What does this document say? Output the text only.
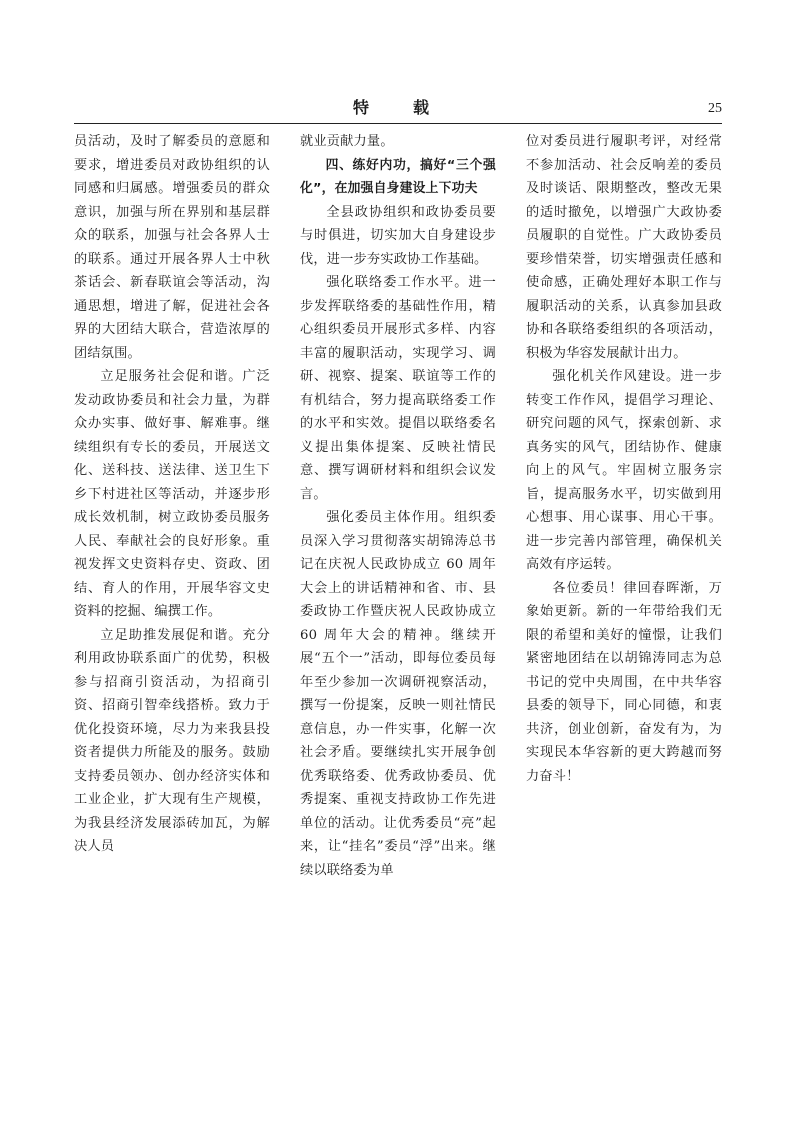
特　载	25

员活动，及时了解委员的意愿和要求，增进委员对政协组织的认同感和归属感。增强委员的群众意识，加强与所在界别和基层群众的联系，加强与社会各界人士的联系。通过开展各界人士中秋茶话会、新春联谊会等活动，沟通思想，增进了解，促进社会各界的大团结大联合，营造浓厚的团结氛围。

立足服务社会促和谐。广泛发动政协委员和社会力量，为群众办实事、做好事、解难事。继续组织有专长的委员，开展送文化、送科技、送法律、送卫生下乡下村进社区等活动，并逐步形成长效机制，树立政协委员服务人民、奉献社会的良好形象。重视发挥文史资料存史、资政、团结、育人的作用，开展华容文史资料的挖掘、编撰工作。

立足助推发展促和谐。充分利用政协联系面广的优势，积极参与招商引资活动，为招商引资、招商引智牵线搭桥。致力于优化投资环境，尽力为来我县投资者提供力所能及的服务。鼓励支持委员领办、创办经济实体和工业企业，扩大现有生产规模，为我县经济发展添砖加瓦，为解决人员

就业贡献力量。

四、练好内功，搞好“三个强化”，在加强自身建设上下功夫

全县政协组织和政协委员要与时俱进，切实加大自身建设步伐，进一步夯实政协工作基础。

强化联络委工作水平。进一步发挥联络委的基础性作用，精心组织委员开展形式多样、内容丰富的履职活动，实现学习、调研、视察、提案、联谊等工作的有机结合，努力提高联络委工作的水平和实效。提倡以联络委名义提出集体提案、反映社情民意、撰写调研材料和组织会议发言。

强化委员主体作用。组织委员深入学习贯彻落实胡锦涛总书记在庆祝人民政协成立 60 周年大会上的讲话精神和省、市、县委政协工作暨庆祝人民政协成立 60 周年大会的精神。继续开展“五个一”活动，即每位委员每年至少参加一次调研视察活动，撰写一份提案，反映一则社情民意信息，办一件实事，化解一次社会矛盾。要继续扎实开展争创优秀联络委、优秀政协委员、优秀提案、重视支持政协工作先进单位的活动。让优秀委员“亮”起来，让“挂名”委员“浮”出来。继续以联络委为单

位对委员进行履职考评，对经常不参加活动、社会反响差的委员及时谈话、限期整改，整改无果的适时撤免，以增强广大政协委员履职的自觉性。广大政协委员要珍惜荣誉，切实增强责任感和使命感，正确处理好本职工作与履职活动的关系，认真参加县政协和各联络委组织的各项活动，积极为华容发展献计出力。

强化机关作风建设。进一步转变工作作风，提倡学习理论、研究问题的风气，探索创新、求真务实的风气，团结协作、健康向上的风气。牢固树立服务宗旨，提高服务水平，切实做到用心想事、用心谋事、用心干事。进一步完善内部管理，确保机关高效有序运转。

各位委员！律回春晖渐，万象始更新。新的一年带给我们无限的希望和美好的憧憬，让我们紧密地团结在以胡锦涛同志为总书记的党中央周围，在中共华容县委的领导下，同心同德，和衷共济，创业创新，奋发有为，为实现民本华容新的更大跨越而努力奋斗！
